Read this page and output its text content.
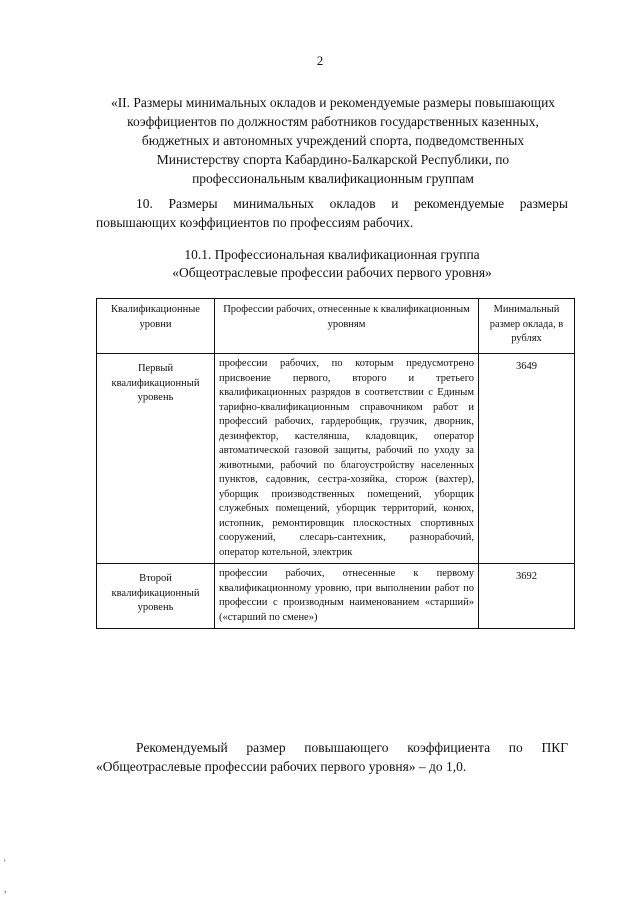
2
«II. Размеры минимальных окладов и рекомендуемые размеры повышающих коэффициентов по должностям работников государственных казенных, бюджетных и автономных учреждений спорта, подведомственных Министерству спорта Кабардино-Балкарской Республики, по профессиональным квалификационным группам
10. Размеры минимальных окладов и рекомендуемые размеры повышающих коэффициентов по профессиям рабочих.
10.1. Профессиональная квалификационная группа
«Общеотраслевые профессии рабочих первого уровня»
Квалификационные уровни	Профессии рабочих, отнесенные к квалификационным уровням	Минимальный размер оклада, в рублях
Первый квалификационный уровень	профессии рабочих, по которым предусмотрено присвоение первого, второго и третьего квалификационных разрядов в соответствии с Единым тарифно-квалификационным справочником работ и профессий рабочих, гардеробщик, грузчик, дворник, дезинфектор, кастелянша, кладовщик, оператор автоматической газовой защиты, рабочий по уходу за животными, рабочий по благоустройству населенных пунктов, садовник, сестра-хозяйка, сторож (вахтер), уборщик производственных помещений, уборщик служебных помещений, уборщик территорий, конюх, истопник, ремонтировщик плоскостных спортивных сооружений, слесарь-сантехник, разнорабочий, оператор котельной, электрик	3649
Второй квалификационный уровень	профессии рабочих, отнесенные к первому квалификационному уровню, при выполнении работ по профессии с производным наименованием «старший» («старший по смене»)	3692
Рекомендуемый размер повышающего коэффициента по ПКГ «Общеотраслевые профессии рабочих первого уровня» – до 1,0.
'
,
